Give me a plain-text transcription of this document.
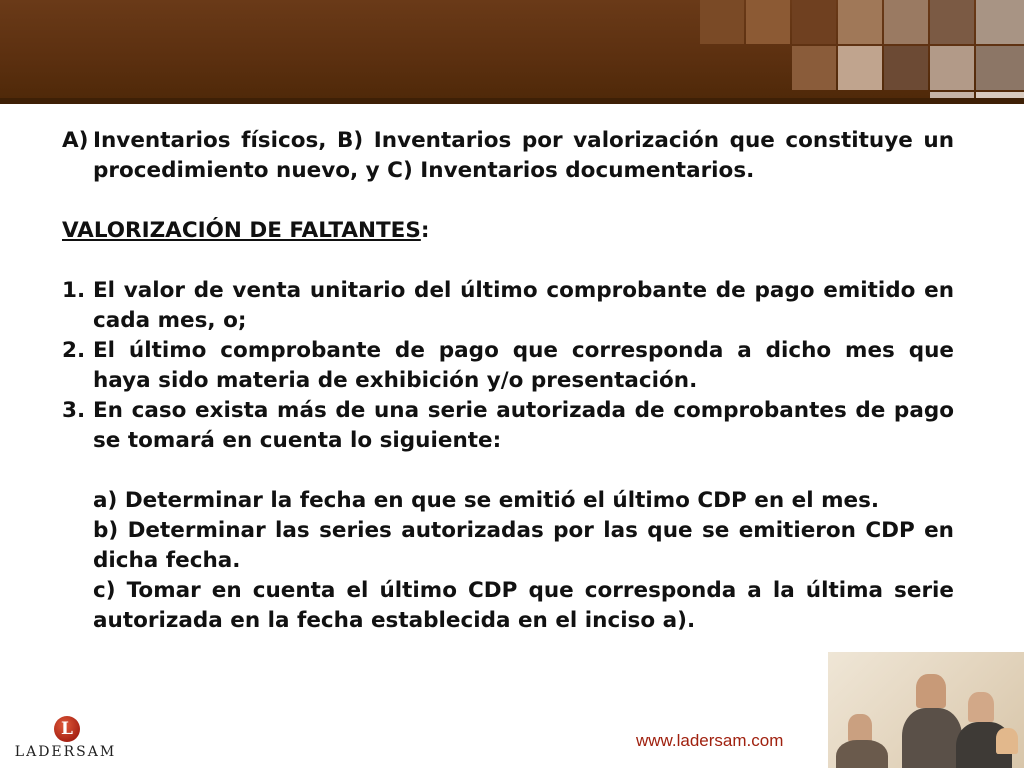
A) Inventarios físicos, B) Inventarios por valorización que constituye un procedimiento nuevo, y C) Inventarios documentarios.
VALORIZACIÓN DE FALTANTES:
1. El valor de venta unitario del último comprobante de pago emitido en cada mes, o;
2. El último comprobante de pago que corresponda a dicho mes que haya sido materia de exhibición y/o presentación.
3. En caso exista más de una serie autorizada de comprobantes de pago se tomará en cuenta lo siguiente:

a) Determinar la fecha en que se emitió el último CDP en el mes.

b) Determinar las series autorizadas por las que se emitieron CDP en dicha fecha.

c) Tomar en cuenta el último CDP que corresponda a la última serie autorizada en la fecha establecida en el inciso a).

L
LADERSAM
www.ladersam.com
